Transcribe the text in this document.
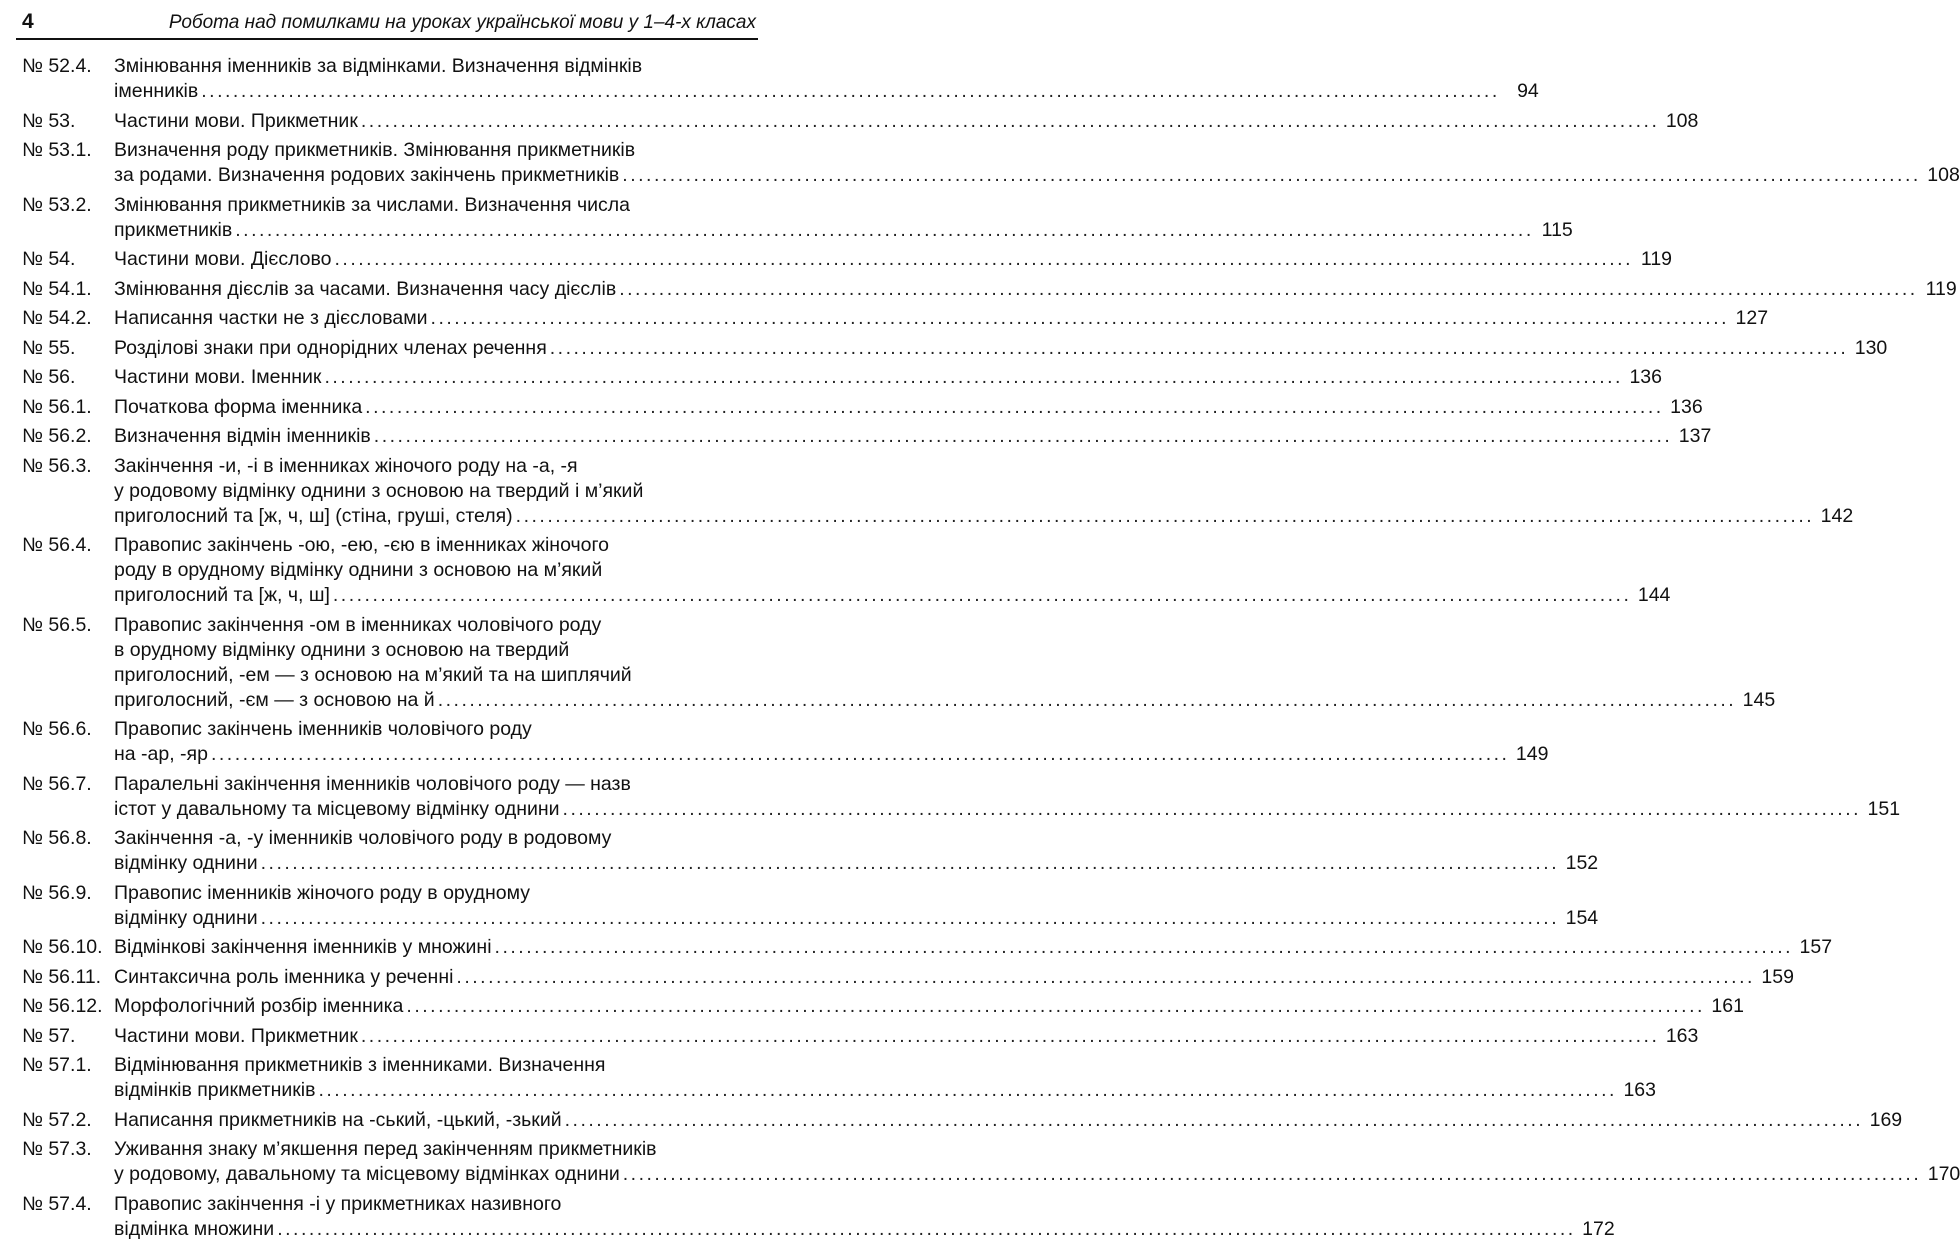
4	Робота над помилками на уроках української мови у 1–4-х класах
№ 52.4.	Змінювання іменників за відмінками. Визначення відмінків
іменників .................................................................................................................................................................... 94
№ 53.	Частини мови. Прикметник .................................................................................................................................................................... 108
№ 53.1.	Визначення роду прикметників. Змінювання прикметників
за родами. Визначення родових закінчень прикметників .................................................................................................................................................................... 108
№ 53.2.	Змінювання прикметників за числами. Визначення числа
прикметників .................................................................................................................................................................... 115
№ 54.	Частини мови. Дієслово .................................................................................................................................................................... 119
№ 54.1.	Змінювання дієслів за часами. Визначення часу дієслів .................................................................................................................................................................... 119
№ 54.2.	Написання частки не з дієсловами .................................................................................................................................................................... 127
№ 55.	Розділові знаки при однорідних членах речення .................................................................................................................................................................... 130
№ 56.	Частини мови. Іменник .................................................................................................................................................................... 136
№ 56.1.	Початкова форма іменника .................................................................................................................................................................... 136
№ 56.2.	Визначення відмін іменників .................................................................................................................................................................... 137
№ 56.3.	Закінчення -и, -і в іменниках жіночого роду на -а, -я
у родовому відмінку однини з основою на твердий і м’який
приголосний та [ж, ч, ш] (стіна, груші, стеля) .................................................................................................................................................................... 142
№ 56.4.	Правопис закінчень -ою, -ею, -єю в іменниках жіночого
роду в орудному відмінку однини з основою на м’який
приголосний та [ж, ч, ш] .................................................................................................................................................................... 144
№ 56.5.	Правопис закінчення -ом в іменниках чоловічого роду
в орудному відмінку однини з основою на твердий
приголосний, -ем — з основою на м’який та на шиплячий
приголосний, -єм — з основою на й .................................................................................................................................................................... 145
№ 56.6.	Правопис закінчень іменників чоловічого роду
на -ар, -яр .................................................................................................................................................................... 149
№ 56.7.	Паралельні закінчення іменників чоловічого роду — назв
істот у давальному та місцевому відмінку однини .................................................................................................................................................................... 151
№ 56.8.	Закінчення -а, -у іменників чоловічого роду в родовому
відмінку однини .................................................................................................................................................................... 152
№ 56.9.	Правопис іменників жіночого роду в орудному
відмінку однини .................................................................................................................................................................... 154
№ 56.10. Відмінкові закінчення іменників у множині .................................................................................................................................................................... 157
№ 56.11. Синтаксична роль іменника у реченні .................................................................................................................................................................... 159
№ 56.12. Морфологічний розбір іменника .................................................................................................................................................................... 161
№ 57.	Частини мови. Прикметник .................................................................................................................................................................... 163
№ 57.1.	Відмінювання прикметників з іменниками. Визначення
відмінків прикметників .................................................................................................................................................................... 163
№ 57.2.	Написання прикметників на -ський, -цький, -зький .................................................................................................................................................................... 169
№ 57.3.	Уживання знаку м’якшення перед закінченням прикметників
у родовому, давальному та місцевому відмінках однини .................................................................................................................................................................... 170
№ 57.4.	Правопис закінчення -і у прикметниках називного
відмінка множини .................................................................................................................................................................... 172
